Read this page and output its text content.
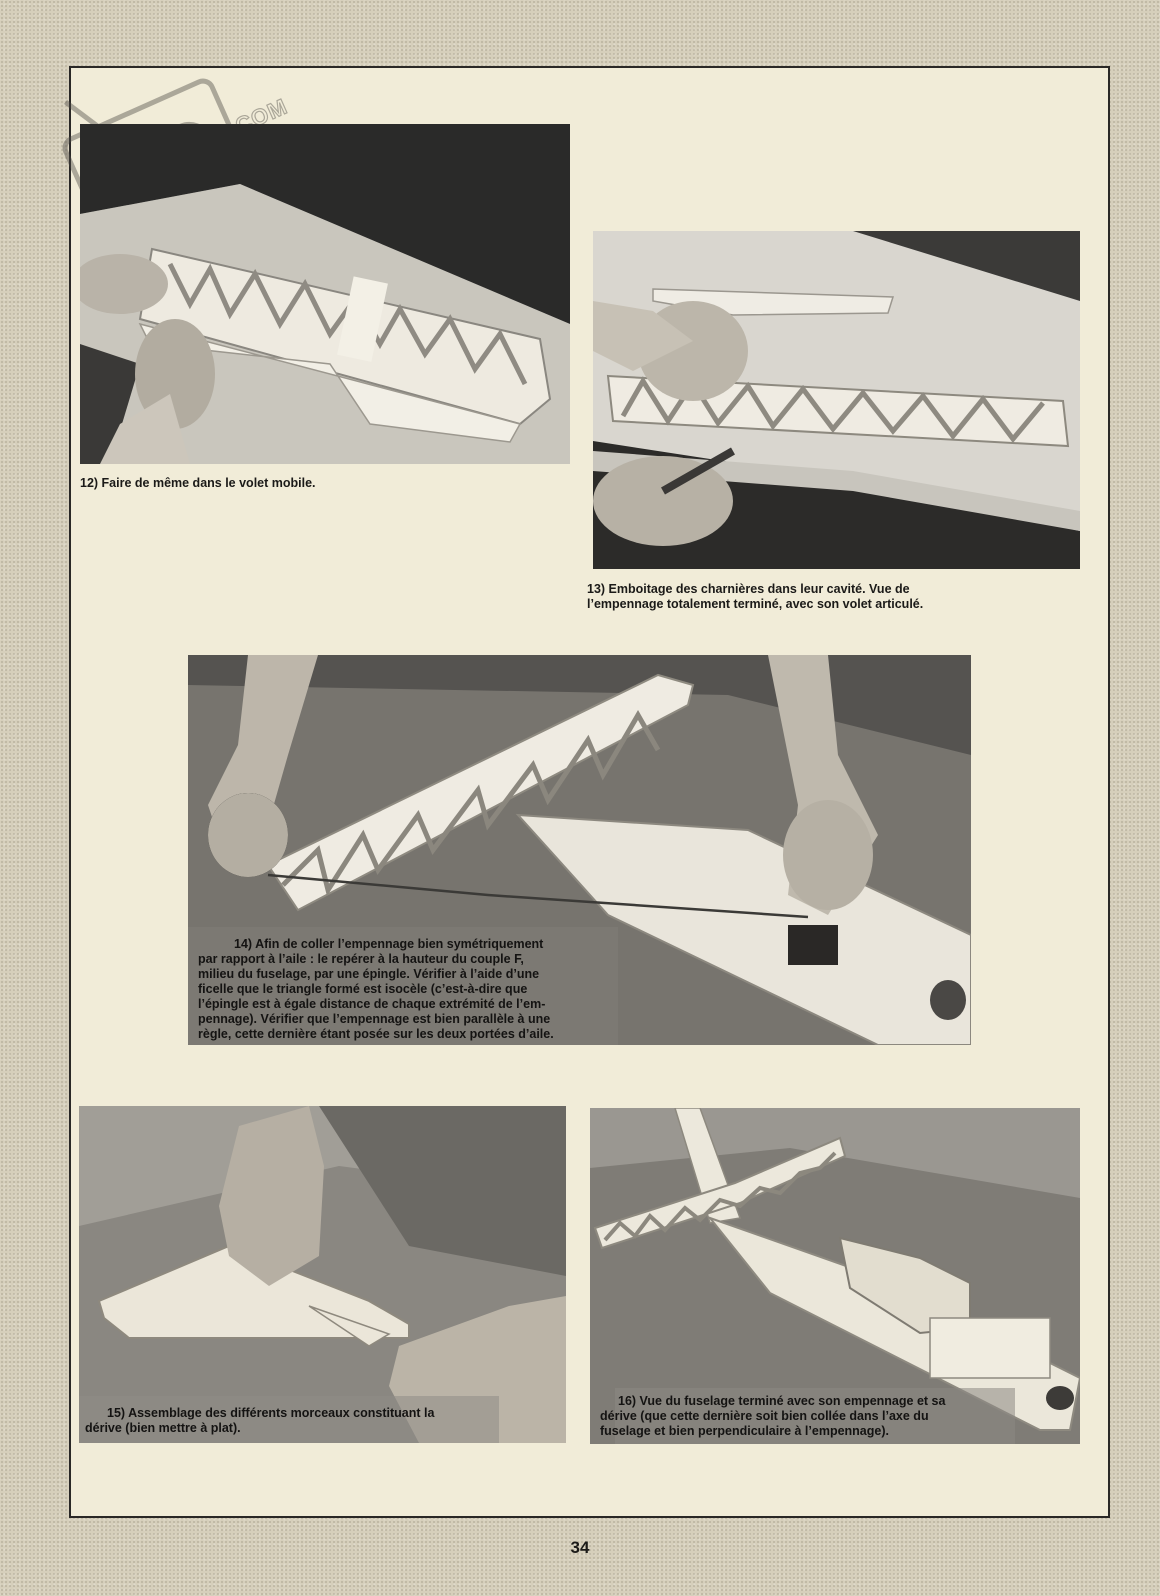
12) Faire de même dans le volet mobile.

13) Emboitage des charnières dans leur cavité. Vue de
l’empennage totalement terminé, avec son volet articulé.

14) Afin de coller l’empennage bien symétriquement
par rapport à l’aile : le repérer à la hauteur du couple F,
milieu du fuselage, par une épingle. Vérifier à l’aide d’une
ficelle que le triangle formé est isocèle (c’est-à-dire que
l’épingle est à égale distance de chaque extrémité de l’em-
pennage). Vérifier que l’empennage est bien parallèle à une
règle, cette dernière étant posée sur les deux portées d’aile.

15) Assemblage des différents morceaux constituant la
dérive (bien mettre à plat).

16) Vue du fuselage terminé avec son empennage et sa
dérive (que cette dernière soit bien collée dans l’axe du
fuselage et bien perpendiculaire à l’empennage).

34
